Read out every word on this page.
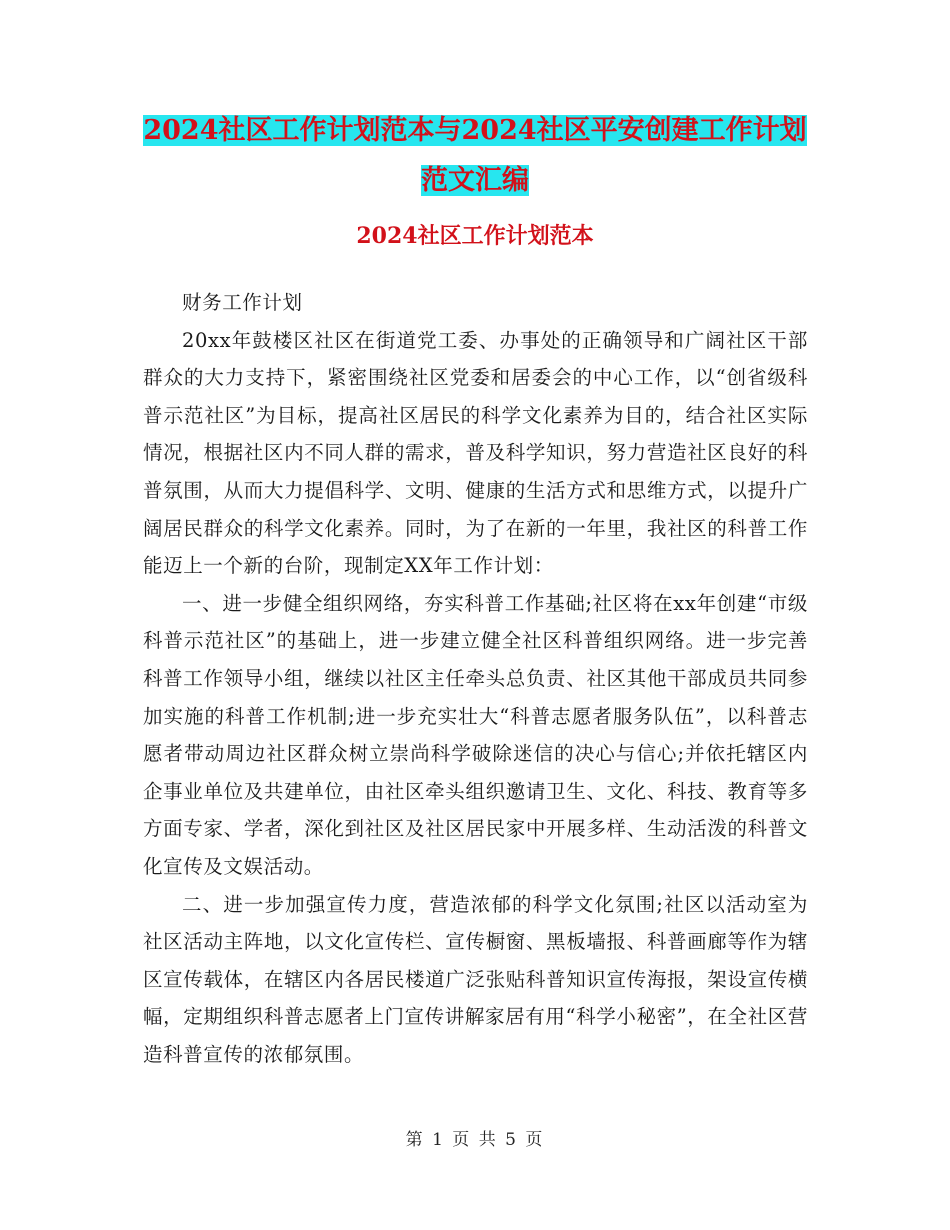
2024社区工作计划范本与2024社区平安创建工作计划范文汇编
2024社区工作计划范本

财务工作计划

20xx年鼓楼区社区在街道党工委、办事处的正确领导和广阔社区干部群众的大力支持下，紧密围绕社区党委和居委会的中心工作，以“创省级科普示范社区”为目标，提高社区居民的科学文化素养为目的，结合社区实际情况，根据社区内不同人群的需求，普及科学知识，努力营造社区良好的科普氛围，从而大力提倡科学、文明、健康的生活方式和思维方式，以提升广阔居民群众的科学文化素养。同时，为了在新的一年里，我社区的科普工作能迈上一个新的台阶，现制定XX年工作计划：

一、进一步健全组织网络，夯实科普工作基础;社区将在xx年创建“市级科普示范社区”的基础上，进一步建立健全社区科普组织网络。进一步完善科普工作领导小组，继续以社区主任牵头总负责、社区其他干部成员共同参加实施的科普工作机制;进一步充实壮大“科普志愿者服务队伍”，以科普志愿者带动周边社区群众树立崇尚科学破除迷信的决心与信心;并依托辖区内企事业单位及共建单位，由社区牵头组织邀请卫生、文化、科技、教育等多方面专家、学者，深化到社区及社区居民家中开展多样、生动活泼的科普文化宣传及文娱活动。

二、进一步加强宣传力度，营造浓郁的科学文化氛围;社区以活动室为社区活动主阵地，以文化宣传栏、宣传橱窗、黑板墙报、科普画廊等作为辖区宣传载体，在辖区内各居民楼道广泛张贴科普知识宣传海报，架设宣传横幅，定期组织科普志愿者上门宣传讲解家居有用“科学小秘密”，在全社区营造科普宣传的浓郁氛围。

第 1 页 共 5 页
